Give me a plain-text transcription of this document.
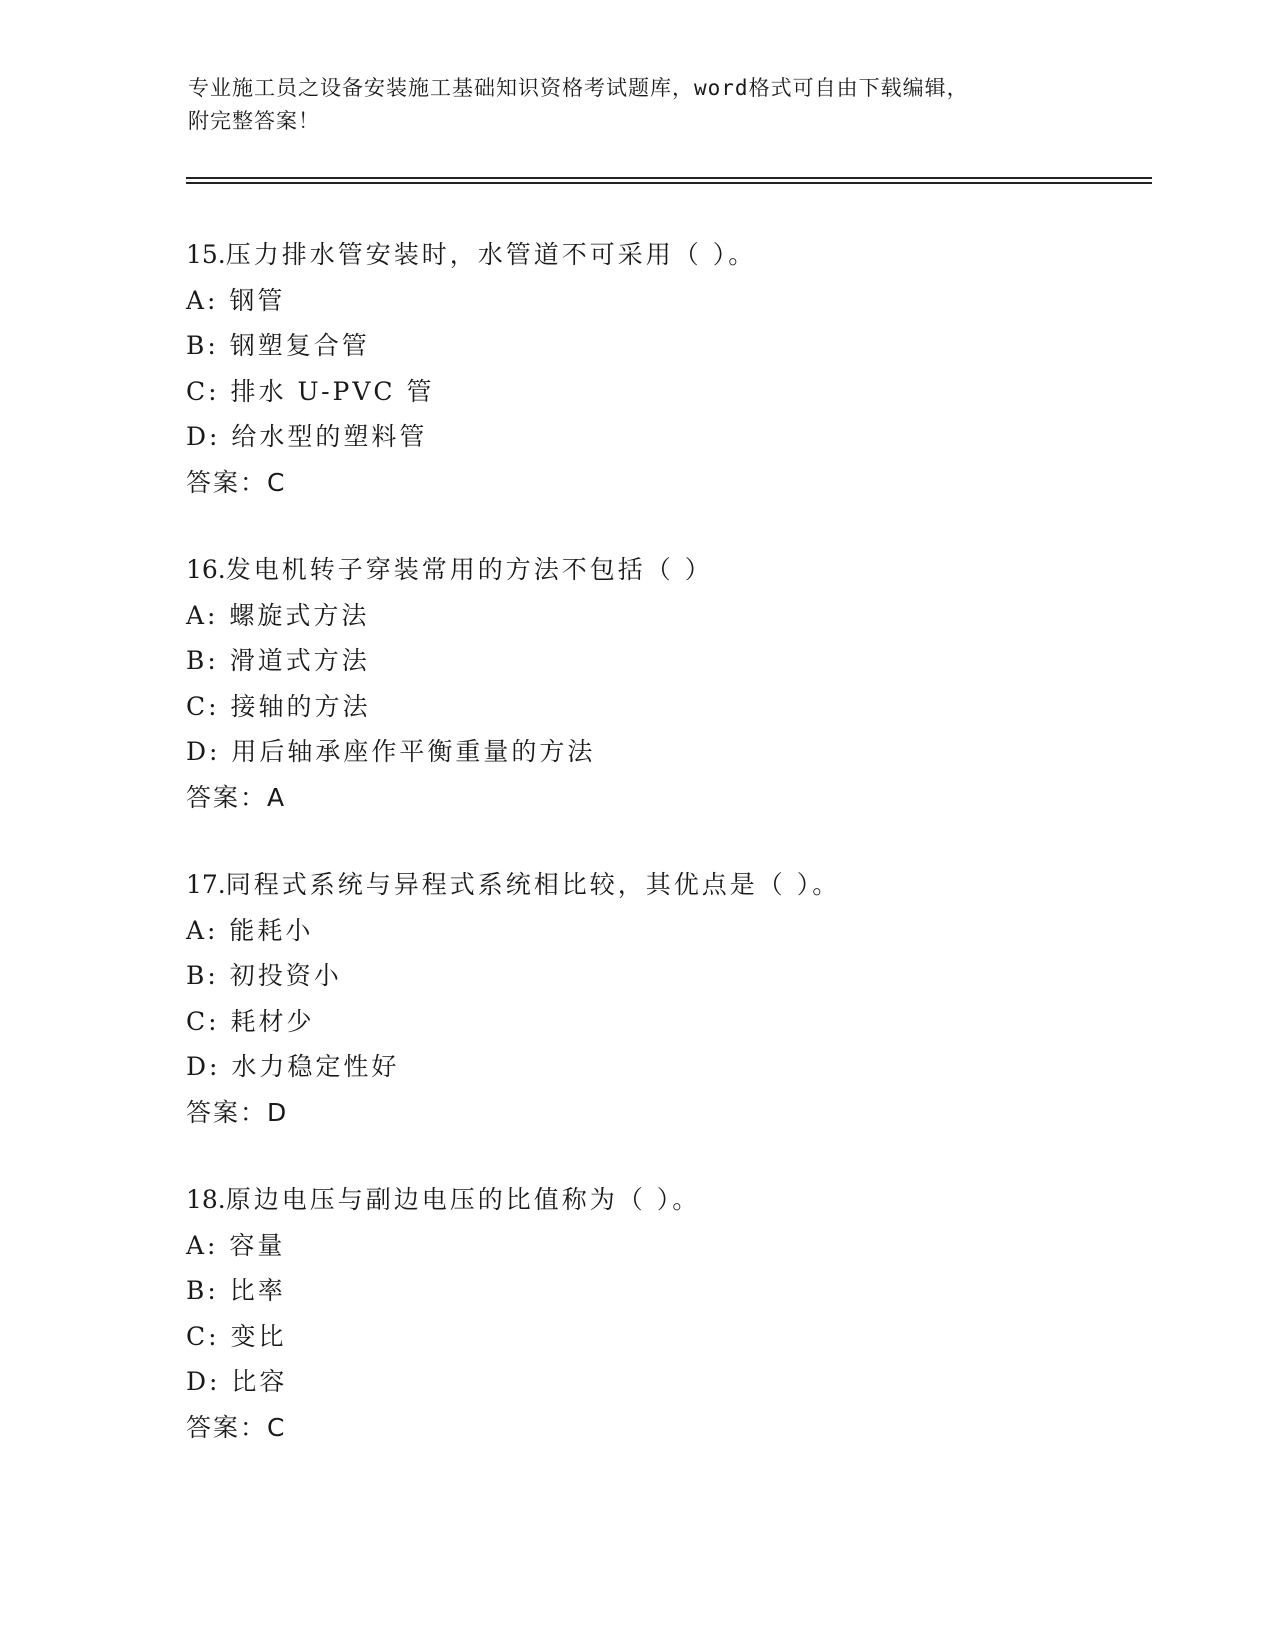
专业施工员之设备安装施工基础知识资格考试题库，word格式可自由下载编辑，
附完整答案！
15.压力排水管安装时，水管道不可采用（ ）。
A: 钢管
B: 钢塑复合管
C: 排水 U-PVC 管
D: 给水型的塑料管
答案：C
16.发电机转子穿装常用的方法不包括（ ）
A: 螺旋式方法
B: 滑道式方法
C: 接轴的方法
D: 用后轴承座作平衡重量的方法
答案：A
17.同程式系统与异程式系统相比较，其优点是（ ）。
A: 能耗小
B: 初投资小
C: 耗材少
D: 水力稳定性好
答案：D
18.原边电压与副边电压的比值称为（ ）。
A: 容量
B: 比率
C: 变比
D: 比容
答案：C
